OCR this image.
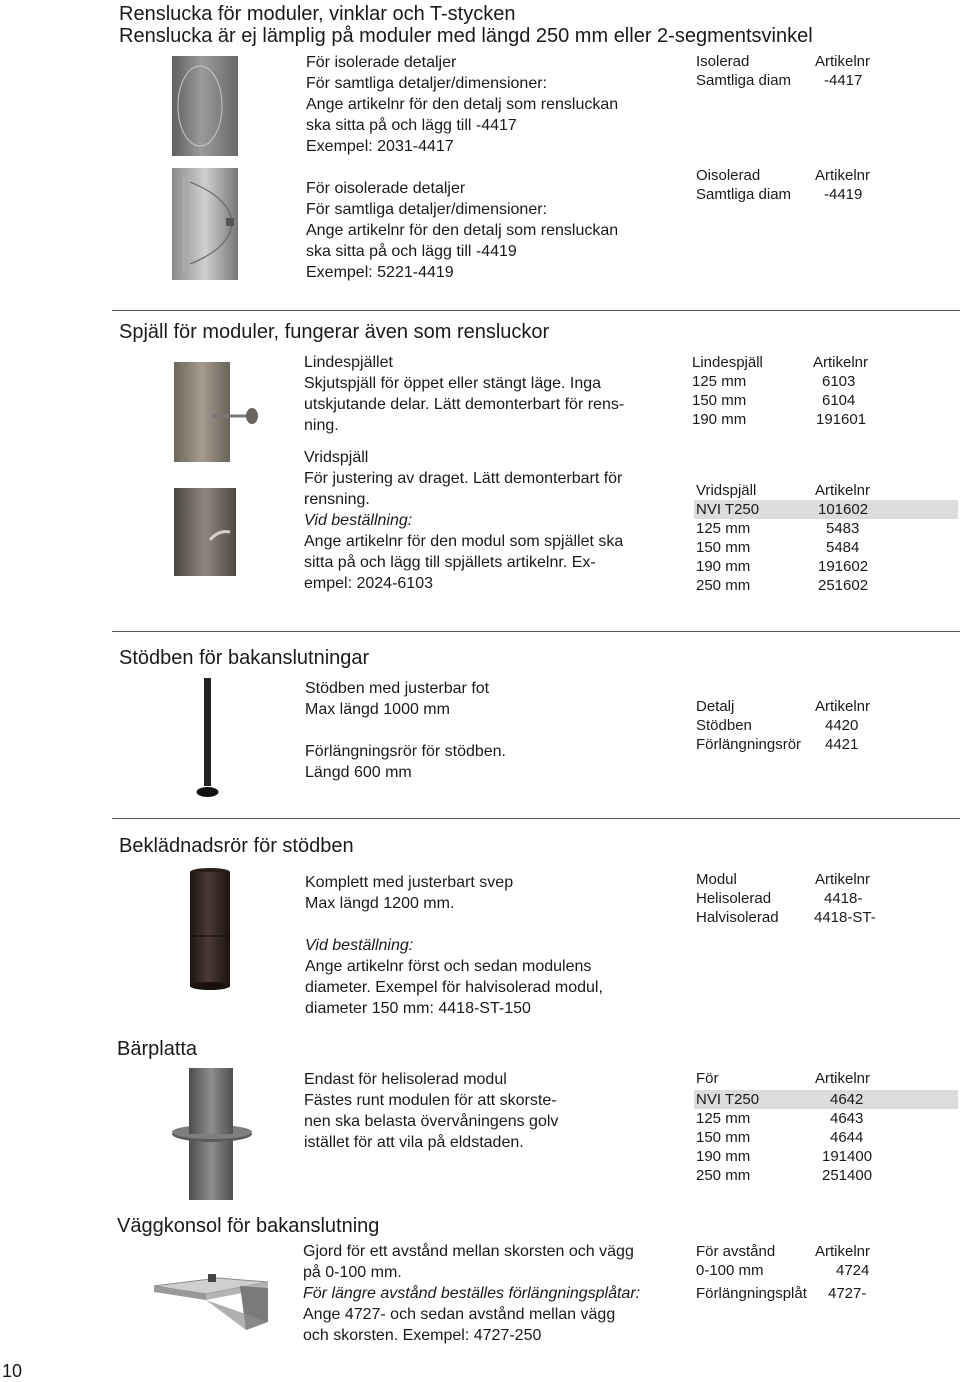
Renslucka för moduler, vinklar och T-stycken
Renslucka är ej lämplig på moduler med längd 250 mm eller 2-segmentsvinkel
För isolerade detaljer
För samtliga detaljer/dimensioner:
Ange artikelnr för den detalj som rensluckan
ska sitta på och lägg till -4417
Exempel: 2031-4417
För oisolerade detaljer
För samtliga detaljer/dimensioner:
Ange artikelnr för den detalj som rensluckan
ska sitta på och lägg till -4419
Exempel: 5221-4419
Isolerad	Artikelnr
Samtliga diam -4417
Oisolerad	Artikelnr
Samtliga diam -4419
Spjäll för moduler, fungerar även som rensluckor
Lindespjället
Skjutspjäll för öppet eller stängt läge. Inga
utskjutande delar. Lätt demonterbart för rens-
ning.
Vridspjäll
För justering av draget. Lätt demonterbart för
rensning.
Vid beställning:
Ange artikelnr för den modul som spjället ska
sitta på och lägg till spjällets artikelnr. Ex-
empel: 2024-6103
Lindespjäll	Artikelnr
125 mm	6103
150 mm	6104
190 mm	191601
Vridspjäll	Artikelnr
NVI T250	101602
125 mm	5483
150 mm	5484
190 mm	191602
250 mm	251602
Stödben för bakanslutningar
Stödben med justerbar fot
Max längd 1000 mm
Förlängningsrör för stödben.
Längd 600 mm
Detalj	Artikelnr
Stödben	4420
Förlängningsrör 4421
Beklädnadsrör för stödben
Komplett med justerbart svep
Max längd 1200 mm.
Vid beställning:
Ange artikelnr först och sedan modulens
diameter. Exempel för halvisolerad modul,
diameter 150 mm: 4418-ST-150
Modul	Artikelnr
Helisolerad	4418-
Halvisolerad 4418-ST-
Bärplatta
Endast för helisolerad modul
Fästes runt modulen för att skorste-
nen ska belasta övervåningens golv
istället för att vila på eldstaden.
För	Artikelnr
NVI T250	4642
125 mm	4643
150 mm	4644
190 mm	191400
250 mm	251400
Väggkonsol för bakanslutning
Gjord för ett avstånd mellan skorsten och vägg
på 0-100 mm.
För längre avstånd beställes förlängningsplåtar:
Ange 4727- och sedan avstånd mellan vägg
och skorsten. Exempel: 4727-250
För avstånd	Artikelnr
0-100 mm	4724
Förlängningsplåt 4727-
10
